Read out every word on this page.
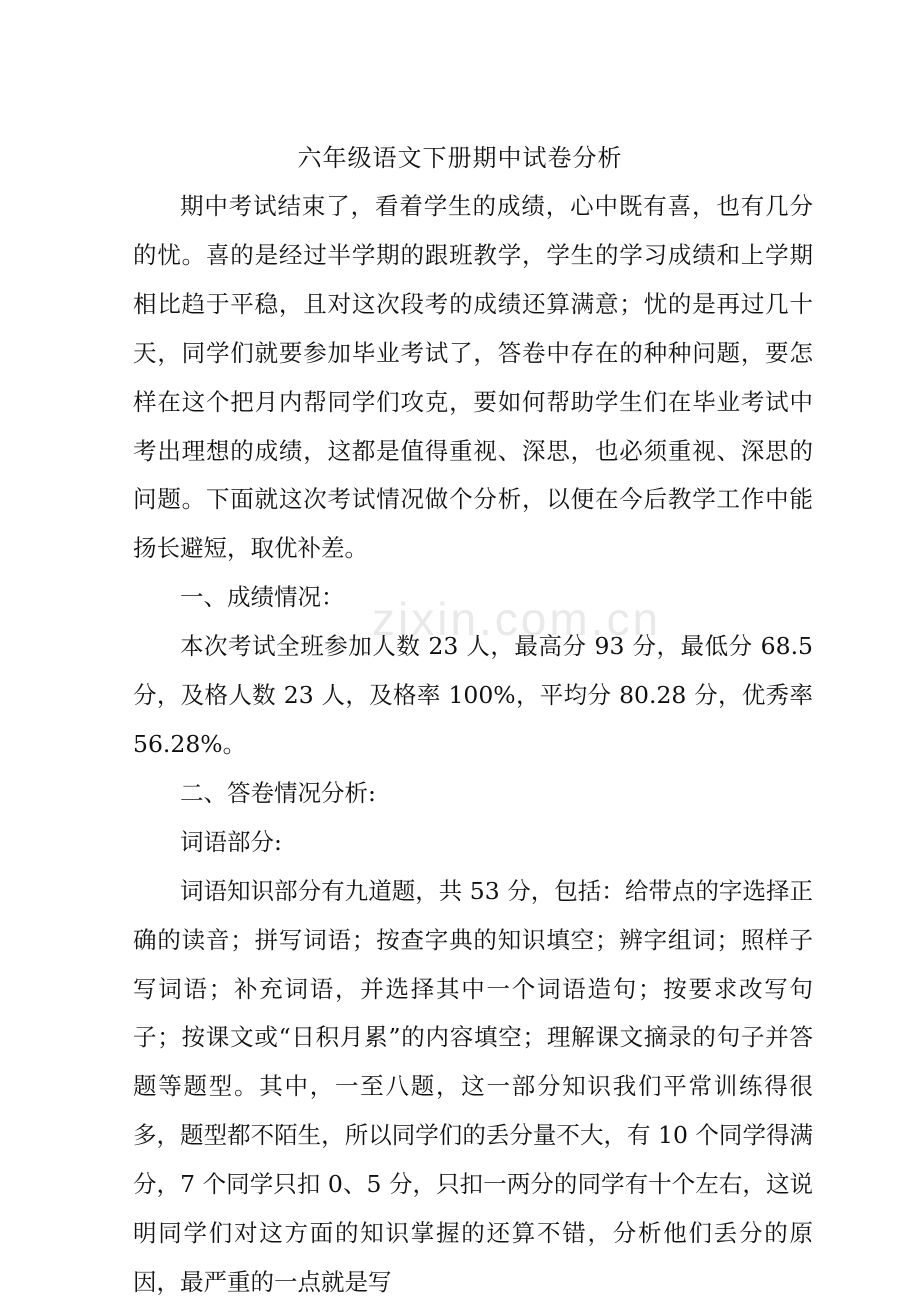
六年级语文下册期中试卷分析

期中考试结束了，看着学生的成绩，心中既有喜，也有几分的忧。喜的是经过半学期的跟班教学，学生的学习成绩和上学期相比趋于平稳，且对这次段考的成绩还算满意；忧的是再过几十天，同学们就要参加毕业考试了，答卷中存在的种种问题，要怎样在这个把月内帮同学们攻克，要如何帮助学生们在毕业考试中考出理想的成绩，这都是值得重视、深思，也必须重视、深思的问题。下面就这次考试情况做个分析，以便在今后教学工作中能扬长避短，取优补差。

一、成绩情况：

本次考试全班参加人数 23 人，最高分 93 分，最低分 68.5 分，及格人数 23 人，及格率 100%，平均分 80.28 分，优秀率 56.28%。

二、答卷情况分析:

词语部分:

词语知识部分有九道题，共 53 分，包括：给带点的字选择正确的读音；拼写词语；按查字典的知识填空；辨字组词；照样子写词语；补充词语，并选择其中一个词语造句；按要求改写句子；按课文或“日积月累”的内容填空；理解课文摘录的句子并答题等题型。其中，一至八题，这一部分知识我们平常训练得很多，题型都不陌生，所以同学们的丢分量不大，有 10 个同学得满分，7 个同学只扣 0、5 分，只扣一两分的同学有十个左右，这说明同学们对这方面的知识掌握的还算不错，分析他们丢分的原因，最严重的一点就是写

zixin.com.cn
